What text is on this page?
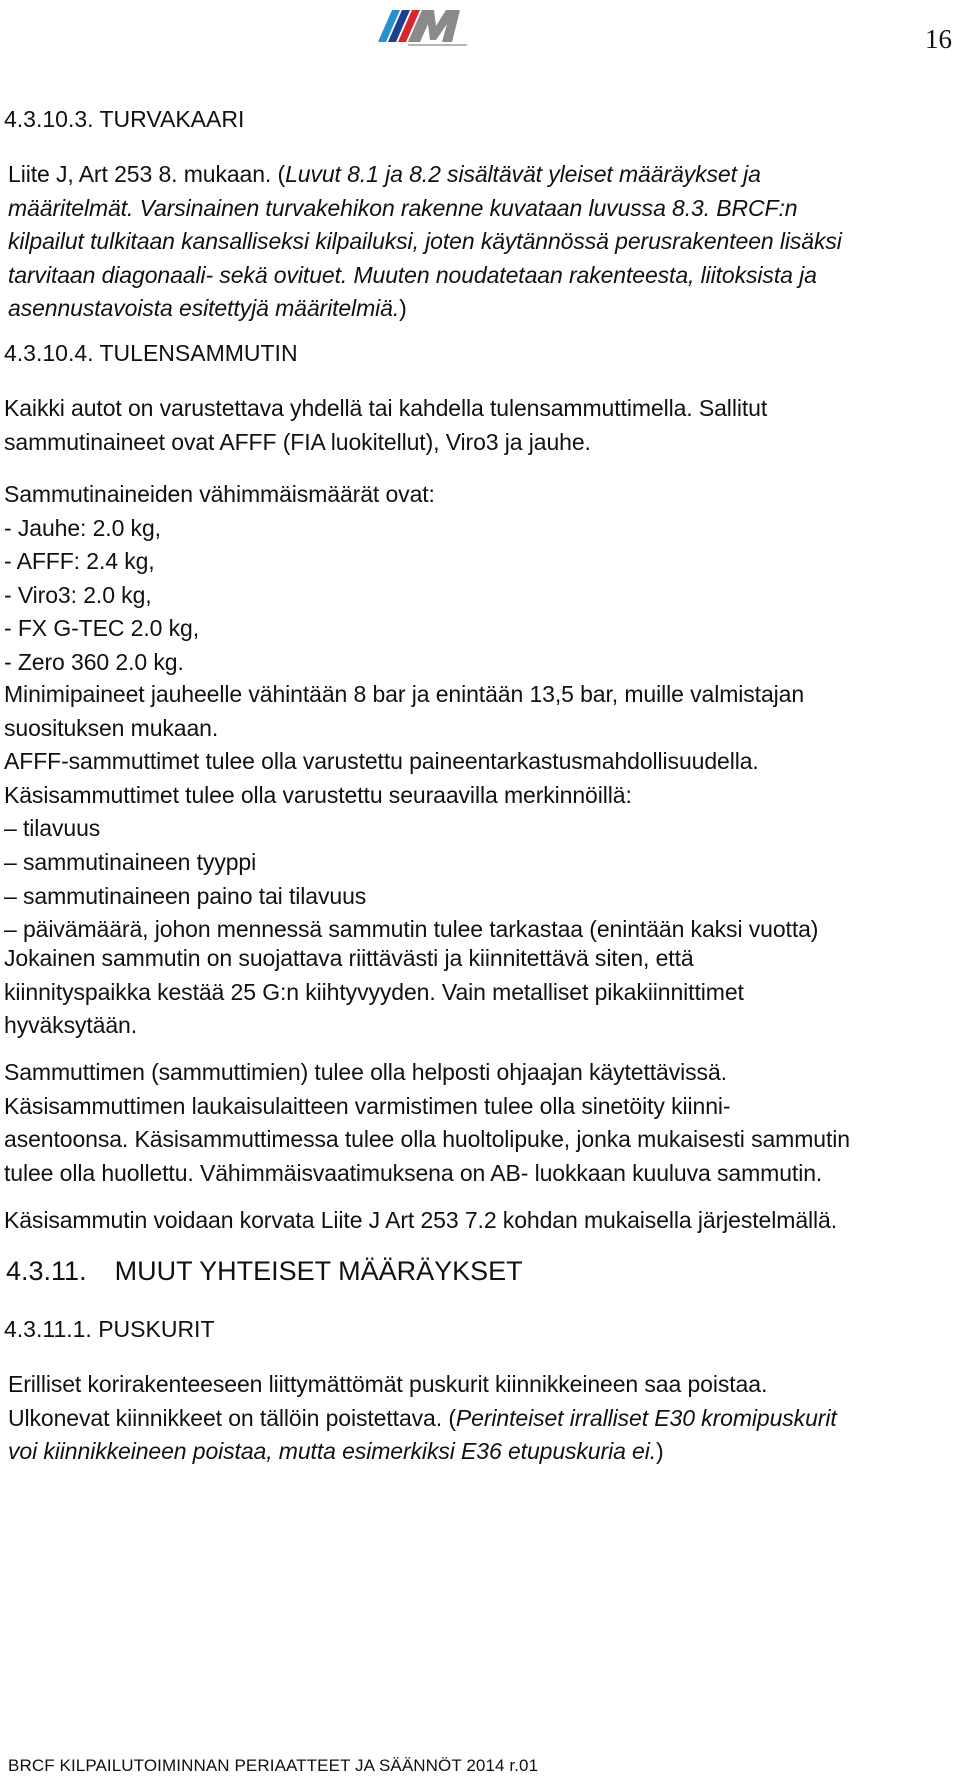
16
4.3.10.3. TURVAKAARI

Liite J, Art 253 8. mukaan. (Luvut 8.1 ja 8.2 sisältävät yleiset määräykset ja

määritelmät. Varsinainen turvakehikon rakenne kuvataan luvussa 8.3. BRCF:n

kilpailut tulkitaan kansalliseksi kilpailuksi, joten käytännössä perusrakenteen lisäksi

tarvitaan diagonaali- sekä ovituet. Muuten noudatetaan rakenteesta, liitoksista ja

asennustavoista esitettyjä määritelmiä.)

4.3.10.4. TULENSAMMUTIN

Kaikki autot on varustettava yhdellä tai kahdella tulensammuttimella. Sallitut

sammutinaineet ovat AFFF (FIA luokitellut), Viro3 ja jauhe.

Sammutinaineiden vähimmäismäärät ovat:

- Jauhe: 2.0 kg,

- AFFF: 2.4 kg,

- Viro3: 2.0 kg,

- FX G-TEC 2.0 kg,

- Zero 360 2.0 kg.

Minimipaineet jauheelle vähintään 8 bar ja enintään 13,5 bar, muille valmistajan

suosituksen mukaan.

AFFF-sammuttimet tulee olla varustettu paineentarkastusmahdollisuudella.

Käsisammuttimet tulee olla varustettu seuraavilla merkinnöillä:

– tilavuus

– sammutinaineen tyyppi

– sammutinaineen paino tai tilavuus

– päivämäärä, johon mennessä sammutin tulee tarkastaa (enintään kaksi vuotta)

Jokainen sammutin on suojattava riittävästi ja kiinnitettävä siten, että

kiinnityspaikka kestää 25 G:n kiihtyvyyden. Vain metalliset pikakiinnittimet

hyväksytään.

Sammuttimen (sammuttimien) tulee olla helposti ohjaajan käytettävissä.

Käsisammuttimen laukaisulaitteen varmistimen tulee olla sinetöity kiinni-

asentoonsa. Käsisammuttimessa tulee olla huoltolipuke, jonka mukaisesti sammutin

tulee olla huollettu. Vähimmäisvaatimuksena on AB- luokkaan kuuluva sammutin.

Käsisammutin voidaan korvata Liite J Art 253 7.2 kohdan mukaisella järjestelmällä.

4.3.11. MUUT YHTEISET MÄÄRÄYKSET
4.3.11.1. PUSKURIT

Erilliset korirakenteeseen liittymättömät puskurit kiinnikkeineen saa poistaa.

Ulkonevat kiinnikkeet on tällöin poistettava. (Perinteiset irralliset E30 kromipuskurit

voi kiinnikkeineen poistaa, mutta esimerkiksi E36 etupuskuria ei.)

BRCF KILPAILUTOIMINNAN PERIAATTEET JA SÄÄNNÖT 2014 r.01
